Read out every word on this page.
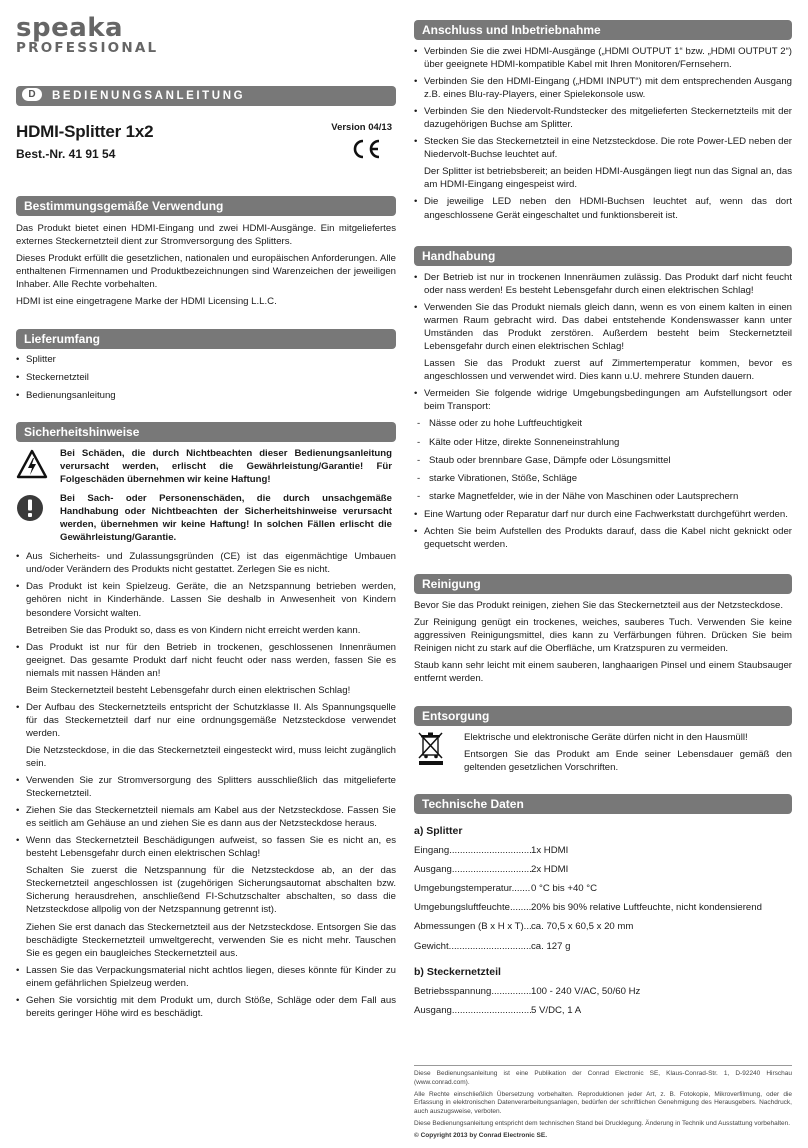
speaka
PROFESSIONAL
D BEDIENUNGSANLEITUNG
HDMI-Splitter 1x2
Best.-Nr. 41 91 54
Version 04/13
Bestimmungsgemäße Verwendung

Das Produkt bietet einen HDMI-Eingang und zwei HDMI-Ausgänge. Ein mitgeliefertes externes Steckernetzteil dient zur Stromversorgung des Splitters.

Dieses Produkt erfüllt die gesetzlichen, nationalen und europäischen Anforderungen. Alle enthaltenen Firmennamen und Produktbezeichnungen sind Warenzeichen der jeweiligen Inhaber. Alle Rechte vorbehalten.

HDMI ist eine eingetragene Marke der HDMI Licensing L.L.C.

Lieferumfang
• Splitter
• Steckernetzteil
• Bedienungsanleitung
Sicherheitshinweise
Bei Schäden, die durch Nichtbeachten dieser Bedienungsanleitung verursacht werden, erlischt die Gewährleistung/Garantie! Für Folgeschäden übernehmen wir keine Haftung!
Bei Sach- oder Personenschäden, die durch unsachgemäße Handhabung oder Nichtbeachten der Sicherheitshinweise verursacht werden, übernehmen wir keine Haftung! In solchen Fällen erlischt die Gewährleistung/Garantie.
• Aus Sicherheits- und Zulassungsgründen (CE) ist das eigenmächtige Umbauen und/oder Verändern des Produkts nicht gestattet. Zerlegen Sie es nicht.
• Das Produkt ist kein Spielzeug. Geräte, die an Netzspannung betrieben werden, gehören nicht in Kinderhände. Lassen Sie deshalb in Anwesenheit von Kindern besondere Vorsicht walten.

Betreiben Sie das Produkt so, dass es von Kindern nicht erreicht werden kann.

• Das Produkt ist nur für den Betrieb in trockenen, geschlossenen Innenräumen geeignet. Das gesamte Produkt darf nicht feucht oder nass werden, fassen Sie es niemals mit nassen Händen an!

Beim Steckernetzteil besteht Lebensgefahr durch einen elektrischen Schlag!

• Der Aufbau des Steckernetzteils entspricht der Schutzklasse II. Als Spannungsquelle für das Steckernetzteil darf nur eine ordnungsgemäße Netzsteckdose verwendet werden.

Die Netzsteckdose, in die das Steckernetzteil eingesteckt wird, muss leicht zugänglich sein.

• Verwenden Sie zur Stromversorgung des Splitters ausschließlich das mitgelieferte Steckernetzteil.
• Ziehen Sie das Steckernetzteil niemals am Kabel aus der Netzsteckdose. Fassen Sie es seitlich am Gehäuse an und ziehen Sie es dann aus der Netzsteckdose heraus.
• Wenn das Steckernetzteil Beschädigungen aufweist, so fassen Sie es nicht an, es besteht Lebensgefahr durch einen elektrischen Schlag!

Schalten Sie zuerst die Netzspannung für die Netzsteckdose ab, an der das Steckernetzteil angeschlossen ist (zugehörigen Sicherungsautomat abschalten bzw. Sicherung herausdrehen, anschließend FI-Schutzschalter abschalten, so dass die Netzsteckdose allpolig von der Netzspannung getrennt ist).

Ziehen Sie erst danach das Steckernetzteil aus der Netzsteckdose. Entsorgen Sie das beschädigte Steckernetzteil umweltgerecht, verwenden Sie es nicht mehr. Tauschen Sie es gegen ein baugleiches Steckernetzteil aus.

• Lassen Sie das Verpackungsmaterial nicht achtlos liegen, dieses könnte für Kinder zu einem gefährlichen Spielzeug werden.
• Gehen Sie vorsichtig mit dem Produkt um, durch Stöße, Schläge oder dem Fall aus bereits geringer Höhe wird es beschädigt.
Anschluss und Inbetriebnahme
• Verbinden Sie die zwei HDMI-Ausgänge („HDMI OUTPUT 1“ bzw. „HDMI OUTPUT 2“) über geeignete HDMI-kompatible Kabel mit Ihren Monitoren/Fernsehern.
• Verbinden Sie den HDMI-Eingang („HDMI INPUT“) mit dem entsprechenden Ausgang z.B. eines Blu-ray-Players, einer Spielekonsole usw.
• Verbinden Sie den Niedervolt-Rundstecker des mitgelieferten Steckernetzteils mit der dazugehörigen Buchse am Splitter.
• Stecken Sie das Steckernetzteil in eine Netzsteckdose. Die rote Power-LED neben der Niedervolt-Buchse leuchtet auf.

Der Splitter ist betriebsbereit; an beiden HDMI-Ausgängen liegt nun das Signal an, das am HDMI-Eingang eingespeist wird.

• Die jeweilige LED neben den HDMI-Buchsen leuchtet auf, wenn das dort angeschlossene Gerät eingeschaltet und funktionsbereit ist.
Handhabung
• Der Betrieb ist nur in trockenen Innenräumen zulässig. Das Produkt darf nicht feucht oder nass werden! Es besteht Lebensgefahr durch einen elektrischen Schlag!
• Verwenden Sie das Produkt niemals gleich dann, wenn es von einem kalten in einen warmen Raum gebracht wird. Das dabei entstehende Kondenswasser kann unter Umständen das Produkt zerstören. Außerdem besteht beim Steckernetzteil Lebensgefahr durch einen elektrischen Schlag!

Lassen Sie das Produkt zuerst auf Zimmertemperatur kommen, bevor es angeschlossen und verwendet wird. Dies kann u.U. mehrere Stunden dauern.

• Vermeiden Sie folgende widrige Umgebungsbedingungen am Aufstellungsort oder beim Transport:
- Nässe oder zu hohe Luftfeuchtigkeit
- Kälte oder Hitze, direkte Sonneneinstrahlung
- Staub oder brennbare Gase, Dämpfe oder Lösungsmittel
- starke Vibrationen, Stöße, Schläge
- starke Magnetfelder, wie in der Nähe von Maschinen oder Lautsprechern
• Eine Wartung oder Reparatur darf nur durch eine Fachwerkstatt durchgeführt werden.
• Achten Sie beim Aufstellen des Produkts darauf, dass die Kabel nicht geknickt oder gequetscht werden.
Reinigung

Bevor Sie das Produkt reinigen, ziehen Sie das Steckernetzteil aus der Netzsteckdose.

Zur Reinigung genügt ein trockenes, weiches, sauberes Tuch. Verwenden Sie keine aggressiven Reinigungsmittel, dies kann zu Verfärbungen führen. Drücken Sie beim Reinigen nicht zu stark auf die Oberfläche, um Kratzspuren zu vermeiden.

Staub kann sehr leicht mit einem sauberen, langhaarigen Pinsel und einem Staubsauger entfernt werden.

Entsorgung

Elektrische und elektronische Geräte dürfen nicht in den Hausmüll!

Entsorgen Sie das Produkt am Ende seiner Lebensdauer gemäß den geltenden gesetzlichen Vorschriften.

Technische Daten
a) Splitter
Eingang .....	1x HDMI
Ausgang .....	2x HDMI
Umgebungstemperatur .....	0 °C bis +40 °C
Umgebungsluftfeuchte .....	20% bis 90% relative Luftfeuchte, nicht kondensierend
Abmessungen (B x H x T) ..... ca. 70,5 x 60,5 x 20 mm
Gewicht .....	ca. 127 g
b) Steckernetzteil
Betriebsspannung .....	100 - 240 V/AC, 50/60 Hz
Ausgang .....	5 V/DC, 1 A

Diese Bedienungsanleitung ist eine Publikation der Conrad Electronic SE, Klaus-Conrad-Str. 1, D-92240 Hirschau (www.conrad.com).

Alle Rechte einschließlich Übersetzung vorbehalten. Reproduktionen jeder Art, z. B. Fotokopie, Mikroverfilmung, oder die Erfassung in elektronischen Datenverarbeitungsanlagen, bedürfen der schriftlichen Genehmigung des Herausgebers. Nachdruck, auch auszugsweise, verboten.

Diese Bedienungsanleitung entspricht dem technischen Stand bei Drucklegung. Änderung in Technik und Ausstattung vorbehalten.

© Copyright 2013 by Conrad Electronic SE.
